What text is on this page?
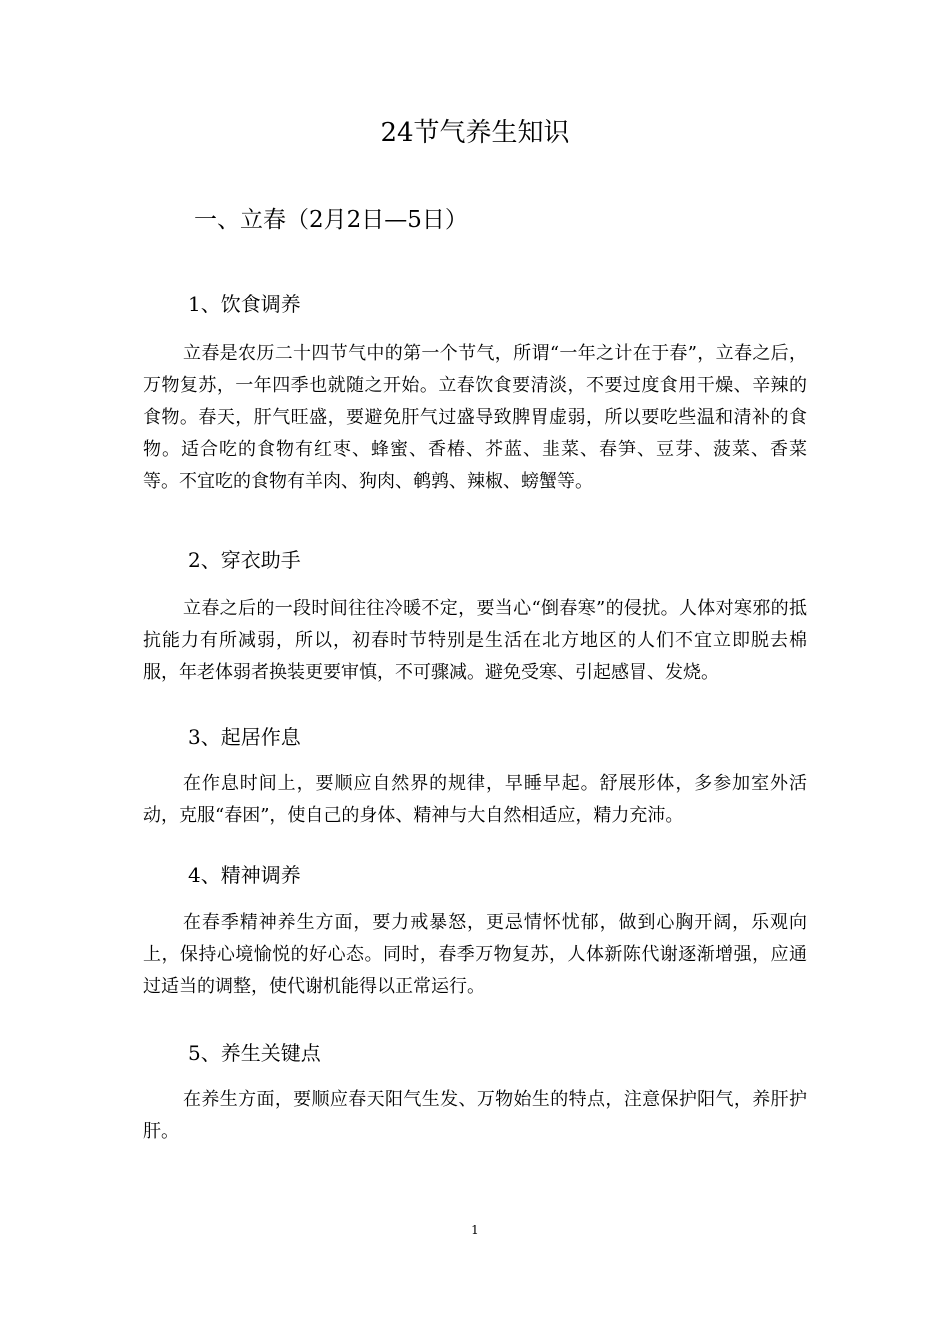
24节气养生知识
一、立春（2月2日—5日）
1、饮食调养

立春是农历二十四节气中的第一个节气，所谓“一年之计在于春”，立春之后，万物复苏，一年四季也就随之开始。立春饮食要清淡，不要过度食用干燥、辛辣的食物。春天，肝气旺盛，要避免肝气过盛导致脾胃虚弱，所以要吃些温和清补的食物。适合吃的食物有红枣、蜂蜜、香椿、芥蓝、韭菜、春笋、豆芽、菠菜、香菜等。不宜吃的食物有羊肉、狗肉、鹌鹑、辣椒、螃蟹等。

2、穿衣助手

立春之后的一段时间往往冷暖不定，要当心“倒春寒”的侵扰。人体对寒邪的抵抗能力有所减弱，所以，初春时节特别是生活在北方地区的人们不宜立即脱去棉服，年老体弱者换装更要审慎，不可骤减。避免受寒、引起感冒、发烧。

3、起居作息

在作息时间上，要顺应自然界的规律，早睡早起。舒展形体，多参加室外活动，克服“春困”，使自己的身体、精神与大自然相适应，精力充沛。

4、精神调养

在春季精神养生方面，要力戒暴怒，更忌情怀忧郁，做到心胸开阔，乐观向上，保持心境愉悦的好心态。同时，春季万物复苏，人体新陈代谢逐渐增强，应通过适当的调整，使代谢机能得以正常运行。

5、养生关键点

在养生方面，要顺应春天阳气生发、万物始生的特点，注意保护阳气，养肝护肝。

1
